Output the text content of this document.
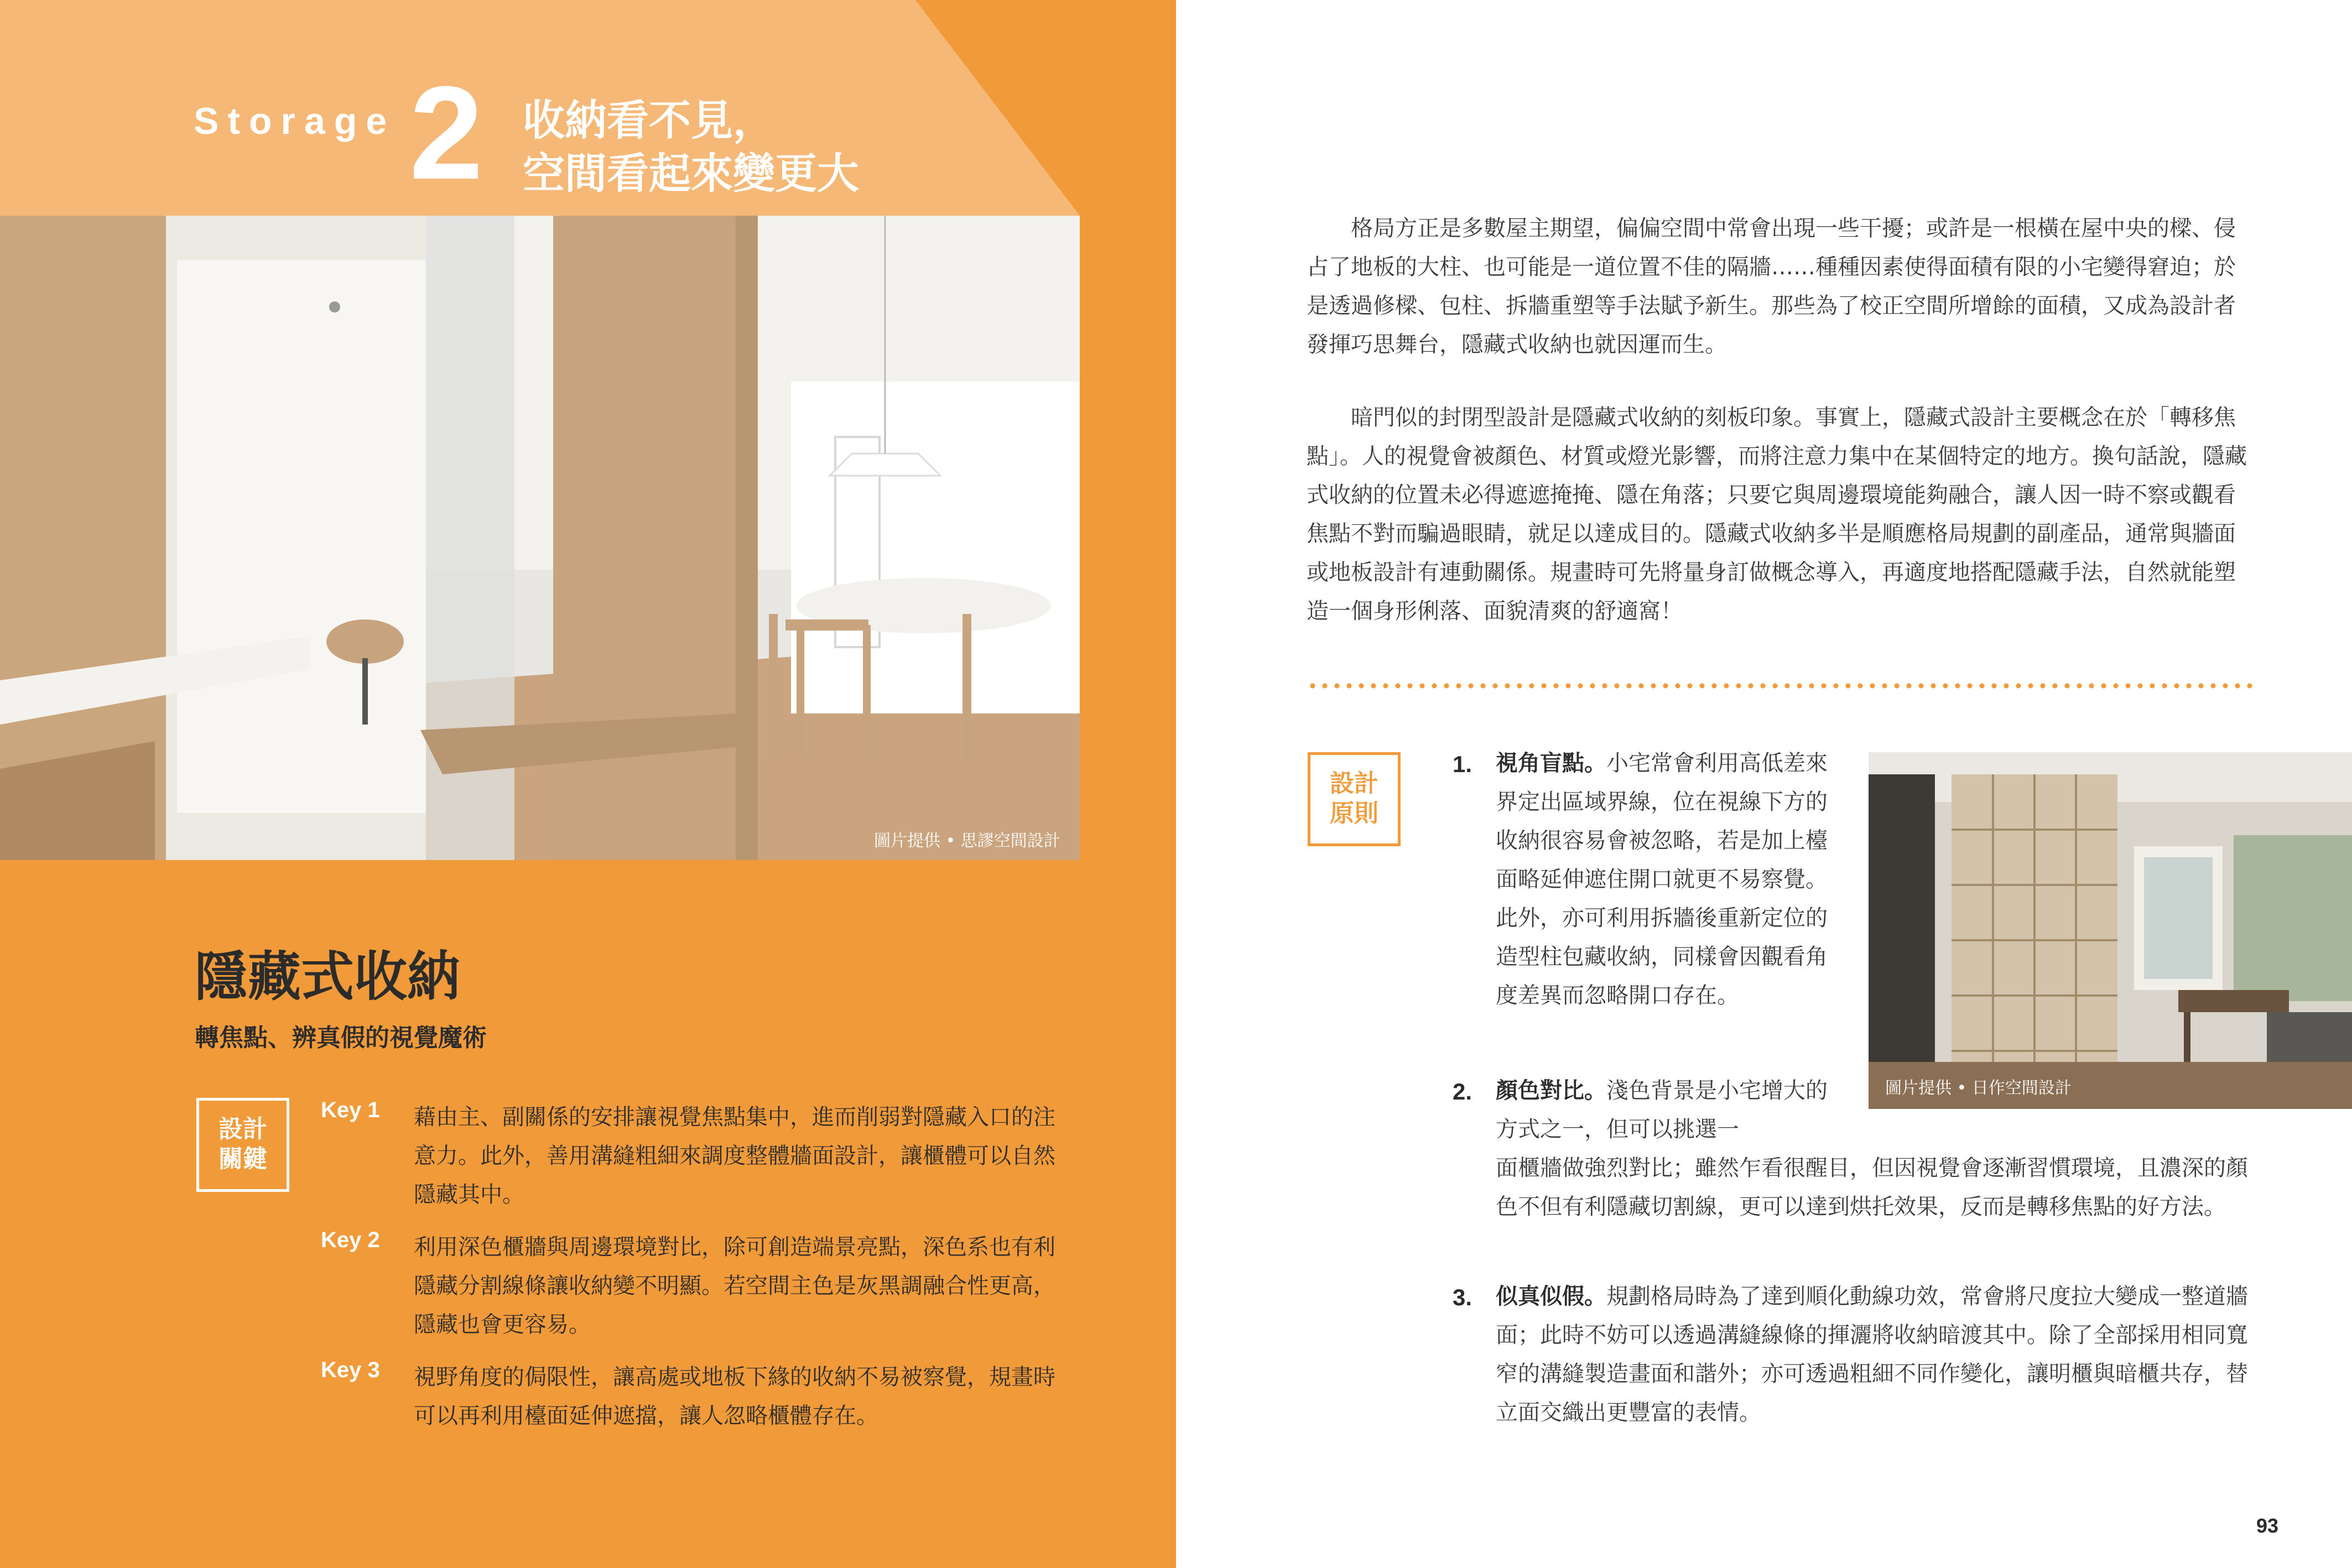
Storage 2 收納看不見，
空間看起來變更大
圖片提供 • 思謬空間設計
隱藏式收納
轉焦點、辨真假的視覺魔術
設計
關鍵
Key 1 藉由主、副關係的安排讓視覺焦點集中，進而削弱對隱藏入口的注意力。此外，善用溝縫粗細來調度整體牆面設計，讓櫃體可以自然隱藏其中。
Key 2 利用深色櫃牆與周邊環境對比，除可創造端景亮點，深色系也有利隱藏分割線條讓收納變不明顯。若空間主色是灰黑調融合性更高，隱藏也會更容易。
Key 3 視野角度的侷限性，讓高處或地板下緣的收納不易被察覺，規畫時可以再利用檯面延伸遮擋，讓人忽略櫃體存在。
格局方正是多數屋主期望，偏偏空間中常會出現一些干擾；或許是一根橫在屋中央的樑、侵占了地板的大柱、也可能是一道位置不佳的隔牆……種種因素使得面積有限的小宅變得窘迫；於是透過修樑、包柱、拆牆重塑等手法賦予新生。那些為了校正空間所增餘的面積，又成為設計者發揮巧思舞台，隱藏式收納也就因運而生。
暗門似的封閉型設計是隱藏式收納的刻板印象。事實上，隱藏式設計主要概念在於「轉移焦點」。人的視覺會被顏色、材質或燈光影響，而將注意力集中在某個特定的地方。換句話說，隱藏式收納的位置未必得遮遮掩掩、隱在角落；只要它與周邊環境能夠融合，讓人因一時不察或觀看焦點不對而騙過眼睛，就足以達成目的。隱藏式收納多半是順應格局規劃的副產品，通常與牆面或地板設計有連動關係。規畫時可先將量身訂做概念導入，再適度地搭配隱藏手法，自然就能塑造一個身形俐落、面貌清爽的舒適窩！
設計
原則
圖片提供 • 日作空間設計
1. 視角盲點。小宅常會利用高低差來界定出區域界線，位在視線下方的收納很容易會被忽略，若是加上檯面略延伸遮住開口就更不易察覺。此外，亦可利用拆牆後重新定位的造型柱包藏收納，同樣會因觀看角度差異而忽略開口存在。
2. 顏色對比。淺色背景是小宅增大的方式之一，但可以挑選一
面櫃牆做強烈對比；雖然乍看很醒目，但因視覺會逐漸習慣環境，且濃深的顏色不但有利隱藏切割線，更可以達到烘托效果，反而是轉移焦點的好方法。
3. 似真似假。規劃格局時為了達到順化動線功效，常會將尺度拉大變成一整道牆面；此時不妨可以透過溝縫線條的揮灑將收納暗渡其中。除了全部採用相同寬窄的溝縫製造畫面和諧外；亦可透過粗細不同作變化，讓明櫃與暗櫃共存，替立面交織出更豐富的表情。
93
